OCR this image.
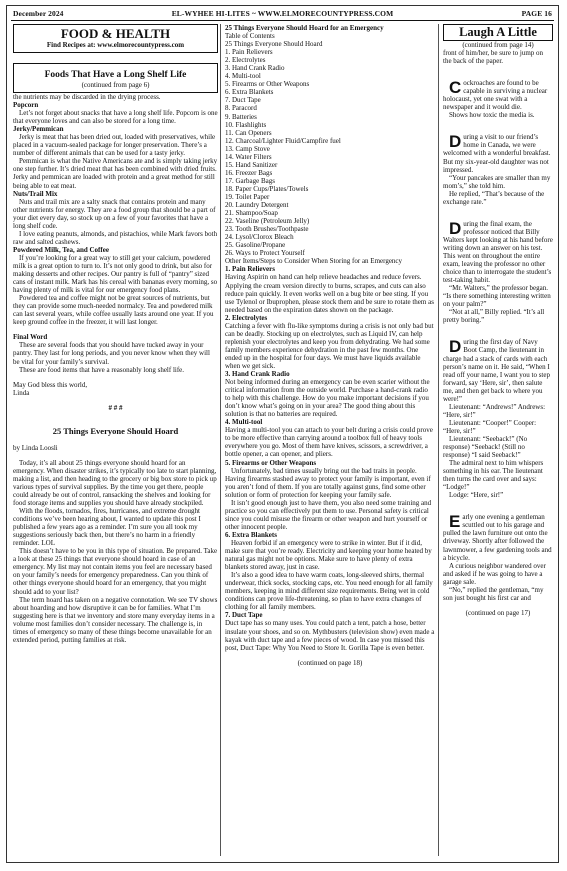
December 2024	EL-WYHEE HI-LITES ~ WWW.ELMORECOUNTYPRESS.COM	PAGE 16
FOOD & HEALTH
Find Recipes at: www.elmorecountypress.com
Foods That Have a Long Shelf Life
(continued from page 6)

the nutrients may be discarded in the drying process.

Popcorn

Let’s not forget about snacks that have a long shelf life. Popcorn is one that everyone loves and can also be stored for a long time.

Jerky/Pemmican

Jerky is meat that has been dried out, loaded with preservatives, while placed in a vacuum-sealed package for longer preservation. There’s a number of different animals that can be used for a tasty jerky.

Pemmican is what the Native Americans ate and is simply taking jerky one step further. It’s dried meat that has been combined with dried fruits. Jerky and pemmican are loaded with protein and a great method for still being able to eat meat.

Nuts/Trail Mix

Nuts and trail mix are a salty snack that contains protein and many other nutrients for energy. They are a food group that should be a part of your diet every day, so stock up on a few of your favorites that have a long shelf code.

I love eating peanuts, almonds, and pistachios, while Mark favors both raw and salted cashews.

Powdered Milk, Tea, and Coffee

If you’re looking for a great way to still get your calcium, powdered milk is a great option to turn to. It’s not only good to drink, but also for making desserts and other recipes. Our pantry is full of “pantry” sized cans of instant milk. Mark has his cereal with bananas every morning, so having plenty of milk is vital for our emergency food plans.

Powdered tea and coffee might not be great sources of nutrients, but they can provide some much-needed normalcy. Tea and powdered milk can last several years, while coffee usually lasts around one year. If you keep ground coffee in the freezer, it will last longer.

Final Word

These are several foods that you should have tucked away in your pantry. They last for long periods, and you never know when they will be vital for your family’s survival.

These are food items that have a reasonably long shelf life.

May God bless this world,

Linda

# # #

25 Things Everyone Should Hoard

by Linda Loosli

Today, it’s all about 25 things everyone should hoard for an emergency. When disaster strikes, it’s typically too late to start planning, making a list, and then heading to the grocery or big box store to pick up various types of survival supplies. By the time you get there, people could already be out of control, ransacking the shelves and looking for food storage items and supplies you should have already stockpiled.

With the floods, tornados, fires, hurricanes, and extreme drought conditions we’ve been hearing about, I wanted to update this post I published a few years ago as a reminder. I’m sure you all took my suggestions seriously back then, but there’s no harm in a friendly reminder. LOL

This doesn’t have to be you in this type of situation. Be prepared. Take a look at these 25 things that everyone should hoard in case of an emergency. My list may not contain items you feel are necessary based on your family’s needs for emergency preparedness. Can you think of other things everyone should hoard for an emergency, that you might should add to your list?

The term hoard has taken on a negative connotation. We see TV shows about hoarding and how disruptive it can be for families. What I’m suggesting here is that we inventory and store many everyday items in a volume most families don’t consider necessary. The challenge is, in times of emergency so many of these things become unavailable for an extended period, putting families at risk.

25 Things Everyone Should Hoard for an Emergency

Table of Contents

25 Things Everyone Should Hoard

1. Pain Relievers

2. Electrolytes

3. Hand Crank Radio

4. Multi-tool

5. Firearms or Other Weapons

6. Extra Blankets

7. Duct Tape

8. Paracord

9. Batteries

10. Flashlights

11. Can Openers

12. Charcoal/Lighter Fluid/Campfire fuel

13. Camp Stove

14. Water Filters

15. Hand Sanitizer

16. Freezer Bags

17. Garbage Bags

18. Paper Cups/Plates/Towels

19. Toilet Paper

20. Laundry Detergent

21. Shampoo/Soap

22. Vaseline (Petroleum Jelly)

23. Tooth Brushes/Toothpaste

24. Lysol/Clorox Bleach

25. Gasoline/Propane

26. Ways to Protect Yourself

Other Items/Steps to Consider When Storing for an Emergency

1. Pain Relievers

Having Aspirin on hand can help relieve headaches and reduce fevers. Applying the cream version directly to burns, scrapes, and cuts can also reduce pain quickly. It even works well on a bug bite or bee sting. If you use Tylenol or Ibuprophen, please stock them and be sure to rotate them as needed based on the expiration dates shown on the package.

2. Electrolytes

Catching a fever with flu-like symptoms during a crisis is not only bad but can be deadly. Stocking up on electrolytes, such as Liquid IV, can help replenish your electrolytes and keep you from dehydrating. We had some family members experience dehydration in the past few months. One ended up in the hospital for four days. We must have liquids available when we get sick.

3. Hand Crank Radio

Not being informed during an emergency can be even scarier without the critical information from the outside world. Purchase a hand-crank radio to help with this challenge. How do you make important decisions if you don’t know what’s going on in your area? The good thing about this solution is that no batteries are required.

4. Multi-tool

Having a multi-tool you can attach to your belt during a crisis could prove to be more effective than carrying around a toolbox full of heavy tools everywhere you go. Most of them have knives, scissors, a screwdriver, a bottle opener, a can opener, and pliers.

5. Firearms or Other Weapons

Unfortunately, bad times usually bring out the bad traits in people. Having firearms stashed away to protect your family is important, even if you aren’t fond of them. If you are totally against guns, find some other solution or form of protection for keeping your family safe.

It isn’t good enough just to have them, you also need some training and practice so you can effectively put them to use. Personal safety is critical since you could misuse the firearm or other weapon and hurt yourself or other innocent people.

6. Extra Blankets

Heaven forbid if an emergency were to strike in winter. But if it did, make sure that you’re ready. Electricity and keeping your home heated by natural gas might not be options. Make sure to have plenty of extra blankets stored away, just in case.

It’s also a good idea to have warm coats, long-sleeved shirts, thermal underwear, thick socks, stocking caps, etc. You need enough for all family members, keeping in mind different size requirements. Being wet in cold conditions can prove life-threatening, so plan to have extra changes of clothing for all family members.

7. Duct Tape

Duct tape has so many uses. You could patch a tent, patch a hose, better insulate your shoes, and so on. Mythbusters (television show) even made a kayak with duct tape and a few pieces of wood. In case you missed this post, Duct Tape: Why You Need to Store It. Gorilla Tape is even better.

(continued on page 18)

Laugh A Little

(continued from page 14)

front of him/her, be sure to jump on the back of the paper.

C ockroaches are found to be capable in surviving a nuclear holocaust, yet one swat with a newspaper and it would die.

Shows how toxic the media is.

D uring a visit to our friend’s home in Canada, we were welcomed with a wonderful breakfast. But my six-year-old daughter was not impressed.

“Your pancakes are smaller than my mom’s,” she told him.

He replied, “That’s because of the exchange rate.”

D uring the final exam, the professor noticed that Billy Walters kept looking at his hand before writing down an answer on his test. This went on throughout the entire exam, leaving the professor no other choice than to interrogate the student’s test-taking habit.

“Mr. Walters,” the professor began. “Is there something interesting written on your palm?”

“Not at all,” Billy replied. “It’s all pretty boring.”

D uring the first day of Navy Boot Camp, the lieutenant in charge had a stack of cards with each person’s name on it. He said, “When I read off your name, I want you to step forward, say ‘Here, sir’, then salute me, and then get back to where you were!”

Lieutenant: “Andrews!” Andrews: “Here, sir!”

Lieutenant: “Cooper!” Cooper: “Here, sir!”

Lieutenant: “Seeback!” (No response) “Seeback! (Still no response) “I said Seeback!”

The admiral next to him whispers something in his ear. The lieutenant then turns the card over and says: “Lodge!”

Lodge: “Here, sir!”

E arly one evening a gentleman scuttled out to his garage and pulled the lawn furniture out onto the driveway. Shortly after followed the lawnmower, a few gardening tools and a bicycle.

A curious neighbor wandered over and asked if he was going to have a garage sale.

“No,” replied the gentleman, “my son just bought his first car and

(continued on page 17)
